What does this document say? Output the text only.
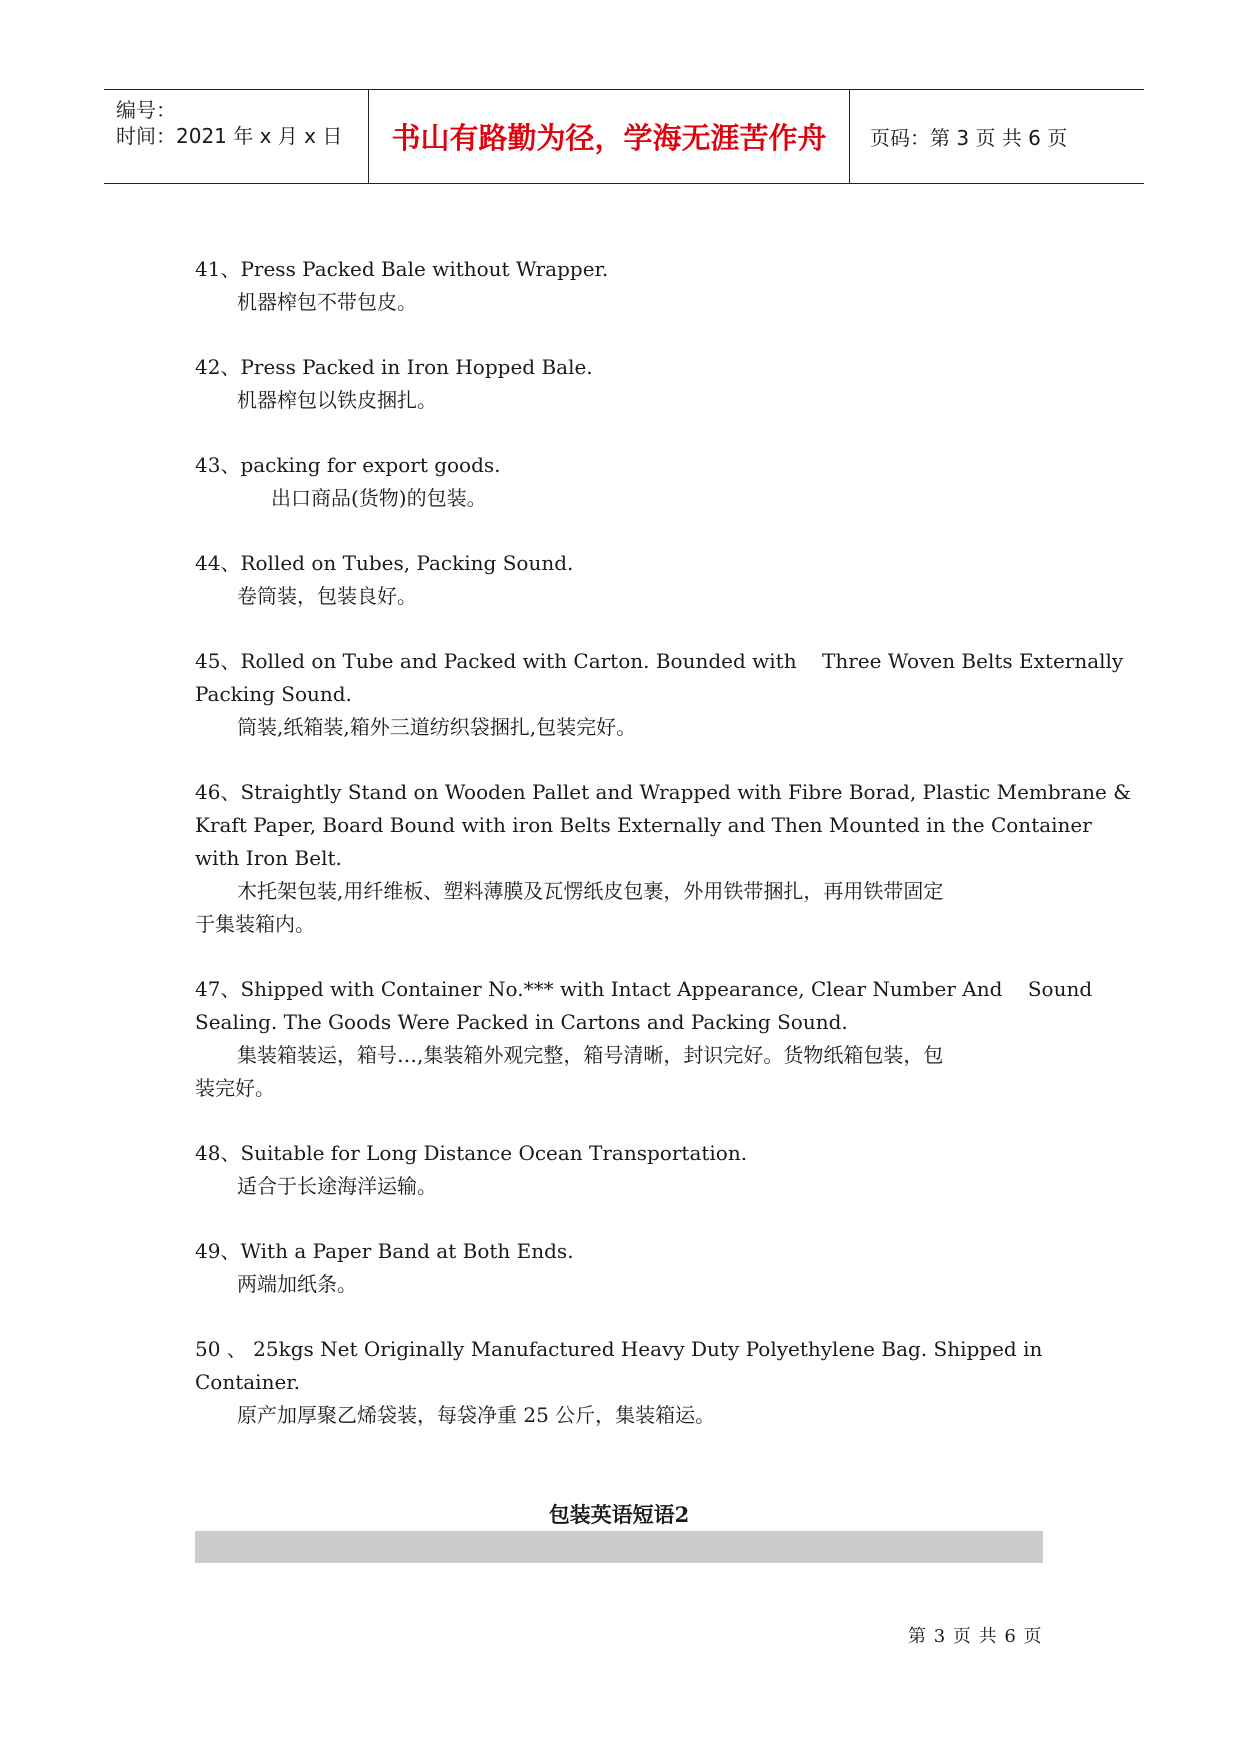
编号：
时间：2021 年 x 月 x 日	书山有路勤为径，学海无涯苦作舟	页码：第 3 页 共 6 页
41、Press Packed Bale without Wrapper.
机器榨包不带包皮。
42、Press Packed in Iron Hopped Bale.
机器榨包以铁皮捆扎。
43、packing for export goods.
出口商品(货物)的包装。
44、Rolled on Tubes, Packing Sound.
卷筒装，包装良好。
45、Rolled on Tube and Packed with Carton. Bounded with    Three Woven Belts Externally
Packing Sound.
筒装,纸箱装,箱外三道纺织袋捆扎,包装完好。
46、Straightly Stand on Wooden Pallet and Wrapped with Fibre Borad, Plastic Membrane &
Kraft Paper, Board Bound with iron Belts Externally and Then Mounted in the Container
with Iron Belt.
木托架包装,用纤维板、塑料薄膜及瓦愣纸皮包裹，外用铁带捆扎，再用铁带固定
于集装箱内。
47、Shipped with Container No.*** with Intact Appearance, Clear Number And    Sound
Sealing. The Goods Were Packed in Cartons and Packing Sound.
集装箱装运，箱号…,集装箱外观完整，箱号清晰，封识完好。货物纸箱包装，包
装完好。
48、Suitable for Long Distance Ocean Transportation.
适合于长途海洋运输。
49、With a Paper Band at Both Ends.
两端加纸条。
50 、 25kgs Net Originally Manufactured Heavy Duty Polyethylene Bag. Shipped in
Container.
原产加厚聚乙烯袋装，每袋净重 25 公斤，集装箱运。
包装英语短语2
第 3 页 共 6 页
